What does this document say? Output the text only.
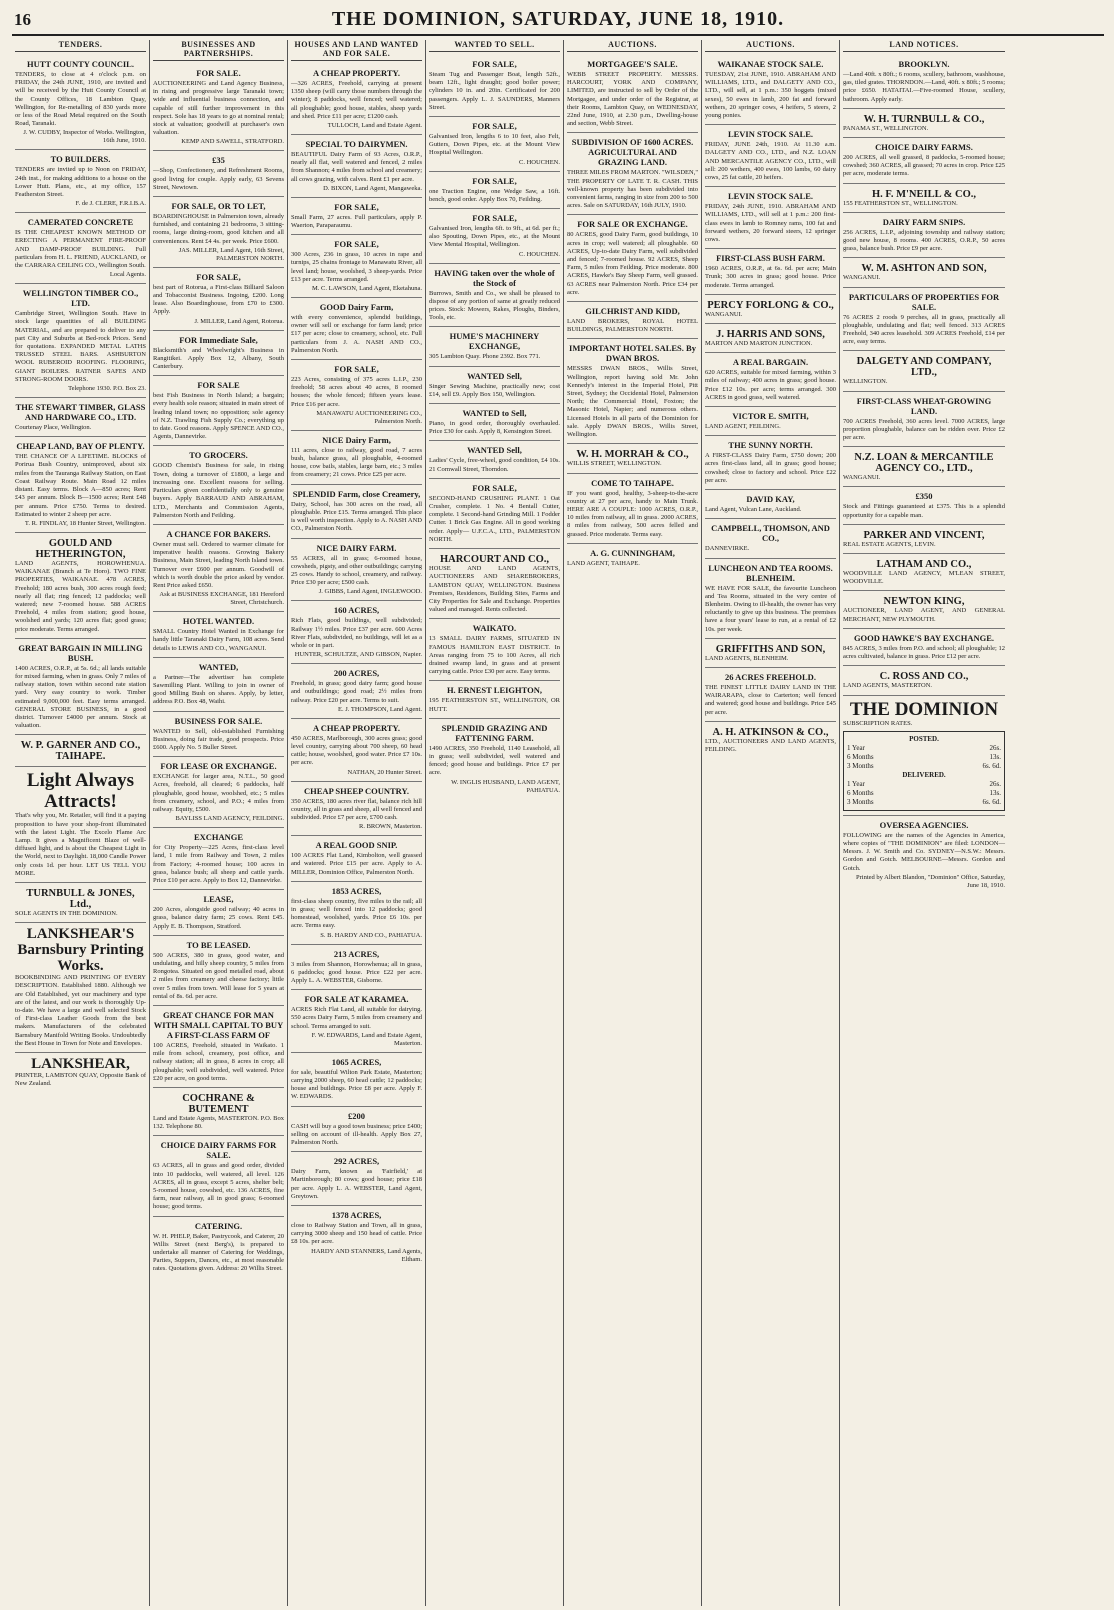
16	THE DOMINION, SATURDAY, JUNE 18, 1910.
TENDERS.
HUTT COUNTY COUNCIL.

TENDERS, to close at 4 o'clock p.m. on FRIDAY, the 24th JUNE, 1910, are invited and will be received by the Hutt County Council at the County Offices, 18 Lambton Quay, Wellington, for Re-metalling of 830 yards more or less of the Road Metal required on the South Road, Taranaki.

J. W. CUDBY, Inspector of Works. Wellington, 16th June, 1910.
TO BUILDERS.

TENDERS are invited up to Noon on FRIDAY, 24th inst., for making additions to a house on the Lower Hutt. Plans, etc., at my office, 157 Featherston Street.

F. de J. CLERE, F.R.I.B.A.
CAMERATED CONCRETE

IS THE CHEAPEST KNOWN METHOD OF ERECTING A PERMANENT FIRE-PROOF AND DAMP-PROOF BUILDING. Full particulars from H. L. FRIEND, AUCKLAND, or the CARRARA CEILING CO., Wellington South.

Local Agents.
WELLINGTON TIMBER CO., LTD.

Cambridge Street, Wellington South. Have in stock large quantities of all BUILDING MATERIAL, and are prepared to deliver to any part City and Suburbs at Bed-rock Prices. Send for quotations. EXPANDED METAL LATHS TRUSSED STEEL BARS. ASHBURTON WOOL RUBEROID ROOFING. FLOORING, GIANT BOILERS. RATNER SAFES AND STRONG-ROOM DOORS.

Telephone 1930. P.O. Box 23.
THE STEWART TIMBER, GLASS AND HARDWARE CO., LTD.

Courtenay Place, Wellington.

CHEAP LAND, BAY OF PLENTY.

THE CHANCE OF A LIFETIME. BLOCKS of Porirua Bush Country, unimproved, about six miles from the Tauranga Railway Station, on East Coast Railway Route. Main Road 12 miles distant. Easy terms. Block A—850 acres; Rent £43 per annum. Block B—1500 acres; Rent £48 per annum. Price £750. Terms to desired. Estimated to winter 2 sheep per acre.

T. R. FINDLAY, 18 Hunter Street, Wellington.
GOULD AND HETHERINGTON,

LAND AGENTS, HOROWHENUA. WAIKANAE (Branch at Te Horo). TWO FINE PROPERTIES, WAIKANAE. 478 ACRES, Freehold; 180 acres bush, 300 acres rough feed; nearly all flat; ring fenced; 12 paddocks; well watered; new 7-roomed house. 588 ACRES Freehold, 4 miles from station; good house, woolshed and yards; 120 acres flat; good grass; price moderate. Terms arranged.

GREAT BARGAIN IN MILLING BUSH.

1400 ACRES, O.R.P., at 5s. 6d.; all lands suitable for mixed farming, when in grass. Only 7 miles of railway station, town within second rate station yard. Very easy country to work. Timber estimated 9,000,000 feet. Easy terms arranged. GENERAL STORE BUSINESS, in a good district. Turnover £4000 per annum. Stock at valuation.

W. P. GARNER AND CO., TAIHAPE.
Light Always Attracts!

That's why you, Mr. Retailer, will find it a paying proposition to have your shop-front illuminated with the latest Light. The Excelo Flame Arc Lamp. It gives a Magnificent Blaze of well-diffused light, and is about the Cheapest Light in the World, next to Daylight. 18,000 Candle Power only costs 1d. per hour. LET US TELL YOU MORE.

TURNBULL & JONES, Ltd.,

SOLE AGENTS IN THE DOMINION.

LANKSHEAR'S Barnsbury Printing Works.

BOOKBINDING AND PRINTING OF EVERY DESCRIPTION. Established 1880. Although we are Old Established, yet our machinery and type are of the latest, and our work is thoroughly Up-to-date. We have a large and well selected Stock of First-class Leather Goods from the best makers. Manufacturers of the celebrated Barnsbury Manifold Writing Books. Undoubtedly the Best House in Town for Note and Envelopes.

LANKSHEAR,

PRINTER, LAMBTON QUAY, Opposite Bank of New Zealand.

BUSINESSES AND PARTNERSHIPS.
FOR SALE.

AUCTIONEERING and Land Agency Business, in rising and progressive large Taranaki town; wide and influential business connection, and capable of still further improvement in this respect. Sole has 18 years to go at nominal rental; stock at valuation; goodwill at purchaser's own valuation.

KEMP AND SAWELL, STRATFORD.
£35

—Shop, Confectionery, and Refreshment Rooms, good living for couple. Apply early, 63 Sevens Street, Newtown.

FOR SALE, OR TO LET,

BOARDINGHOUSE in Palmerston town, already furnished, and containing 21 bedrooms, 3 sitting-rooms, large dining-room, good kitchen and all conveniences. Rent £4 4s. per week. Price £600.

JAS. MILLER, Land Agent, 16th Street, PALMERSTON NORTH.
FOR SALE,

best part of Rotorua, a First-class Billiard Saloon and Tobacconist Business. Ingoing, £200. Long lease. Also Boardinghouse, from £70 to £300. Apply.

J. MILLER, Land Agent, Rotorua.
FOR Immediate Sale,

Blacksmith's and Wheelwright's Business in Rangitikei. Apply Box 12, Albany, South Canterbury.

FOR SALE

best Fish Business in North Island; a bargain; every health sole reason; situated in main street of leading inland town; no opposition; sole agency of N.Z. Trawling Fish Supply Co.; everything up to date. Good reasons. Apply SPENCE AND CO., Agents, Dannevirke.

TO GROCERS.

GOOD Chemist's Business for sale, in rising Town, doing a turnover of £1800, a large and increasing one. Excellent reasons for selling. Particulars given confidentially only to genuine buyers. Apply BARRAUD AND ABRAHAM, LTD., Merchants and Commission Agents, Palmerston North and Feilding.

A CHANCE FOR BAKERS.

Owner must sell. Ordered to warmer climate for imperative health reasons. Growing Bakery Business, Main Street, leading North Island town. Turnover over £600 per annum. Goodwill of which is worth double the price asked by vendor. Rent Price asked £650.

Ask at BUSINESS EXCHANGE, 181 Hereford Street, Christchurch.
HOTEL WANTED.

SMALL Country Hotel Wanted in Exchange for handy little Taranaki Dairy Farm, 108 acres. Send details to LEWIS AND CO., WANGANUI.

WANTED,

a Partner—The advertiser has complete Sawmilling Plant. Willing to join in owner of good Milling Bush on shares. Apply, by letter, address P.O. Box 48, Waihi.

BUSINESS FOR SALE.

WANTED to Sell, old-established Furnishing Business, doing fair trade, good prospects. Price £600. Apply No. 5 Buller Street.

FOR LEASE OR EXCHANGE.

EXCHANGE for larger area, N.T.L., 50 good Acres, freehold, all cleared; 6 paddocks, half ploughable, good house, woolshed, etc.; 5 miles from creamery, school, and P.O.; 4 miles from railway. Equity, £500.

BAYLISS LAND AGENCY, FEILDING.
EXCHANGE

for City Property—225 Acres, first-class level land, 1 mile from Railway and Town, 2 miles from Factory; 4-roomed house; 100 acres in grass, balance bush; all sheep and cattle yards. Price £10 per acre. Apply to Box 12, Dannevirke.

LEASE,

200 Acres, alongside good railway; 40 acres in grass, balance dairy farm; 25 cows. Rent £45. Apply E. B. Thompson, Stratford.

TO BE LEASED.

500 ACRES, 380 in grass, good water, and undulating, and hilly sheep country, 5 miles from Rongotea. Situated on good metalled road, about 2 miles from creamery and cheese factory; little over 5 miles from town. Will lease for 5 years at rental of 8s. 6d. per acre.

GREAT CHANCE FOR MAN WITH SMALL CAPITAL TO BUY A FIRST-CLASS FARM OF

100 ACRES, Freehold, situated in Waikato. 1 mile from school, creamery, post office, and railway station; all in grass, 8 acres in crop; all ploughable; well subdivided, well watered. Price £20 per acre, on good terms.

COCHRANE & BUTEMENT

Land and Estate Agents, MASTERTON. P.O. Box 132. Telephone 80.

CHOICE DAIRY FARMS FOR SALE.

63 ACRES, all in grass and good order, divided into 10 paddocks, well watered, all level. 126 ACRES, all in grass, except 5 acres, shelter belt; 5-roomed house, cowshed, etc. 136 ACRES, fine farm, near railway, all in good grass; 6-roomed house; good terms.

CATERING.

W. H. PHELP, Baker, Pastrycook, and Caterer, 20 Willis Street (next Berg's), is prepared to undertake all manner of Catering for Weddings, Parties, Suppers, Dances, etc., at most reasonable rates. Quotations given. Address: 20 Willis Street.

HOUSES AND LAND WANTED AND FOR SALE.
A CHEAP PROPERTY.

—326 ACRES, Freehold, carrying at present 1350 sheep (will carry those numbers through the winter); 8 paddocks, well fenced; well watered; all ploughable; good house, stables, sheep yards and shed. Price £11 per acre; £1200 cash.

TULLOCH, Land and Estate Agent.
SPECIAL TO DAIRYMEN.

BEAUTIFUL Dairy Farm of 93 Acres, O.R.P., nearly all flat, well watered and fenced, 2 miles from Shannon; 4 miles from school and creamery; all cows grazing, with calves. Rent £1 per acre.

D. BIXON, Land Agent, Mangaweka.
FOR SALE,

Small Farm, 27 acres. Full particulars, apply P. Waerton, Paraparaumu.

FOR SALE,

300 Acres, 236 in grass, 10 acres in rape and turnips, 25 chains frontage to Manawatu River, all level land; house, woolshed, 3 sheep-yards. Price £13 per acre. Terms arranged.

M. C. LAWSON, Land Agent, Eketahuna.
GOOD Dairy Farm,

with every convenience, splendid buildings, owner will sell or exchange for farm land; price £17 per acre; close to creamery, school, etc. Full particulars from J. A. NASH AND CO., Palmerston North.

FOR SALE,

223 Acres, consisting of 375 acres L.I.P., 230 freehold; 58 acres about 40 acres, 8 roomed houses; the whole fenced; fifteen years lease. Price £16 per acre.

MANAWATU AUCTIONEERING CO., Palmerston North.
NICE Dairy Farm,

111 acres, close to railway, good road, 7 acres bush, balance grass, all ploughable, 4-roomed house, cow bails, stables, large barn, etc.; 3 miles from creamery; 21 cows. Price £25 per acre.

SPLENDID Farm, close Creamery,

Dairy, School, has 300 acres on the road, all ploughable. Price £15. Terms arranged. This place is well worth inspection. Apply to A. NASH AND CO., Palmerston North.

NICE DAIRY FARM.

55 ACRES, all in grass; 6-roomed house, cowsheds, pigsty, and other outbuildings; carrying 25 cows. Handy to school, creamery, and railway. Price £30 per acre; £500 cash.

J. GIBBS, Land Agent, INGLEWOOD.
160 ACRES,

Rich Flats, good buildings, well subdivided; Railway 1½ miles. Price £37 per acre. 600 Acres River Flats, subdivided, no buildings, will let as a whole or in part.

HUNTER, SCHULTZE, AND GIBSON, Napier.
200 ACRES,

Freehold, in grass; good dairy farm; good house and outbuildings; good road; 2½ miles from railway. Price £20 per acre. Terms to suit.

E. J. THOMPSON, Land Agent.
A CHEAP PROPERTY.

450 ACRES, Marlborough, 300 acres grass; good level country, carrying about 700 sheep, 60 head cattle; house, woolshed, good water. Price £7 10s. per acre.

NATHAN, 20 Hunter Street.
CHEAP SHEEP COUNTRY.

350 ACRES, 180 acres river flat, balance rich hill country, all in grass and sheep, all well fenced and subdivided. Price £7 per acre, £700 cash.

R. BROWN, Masterton.
A REAL GOOD SNIP.

100 ACRES Flat Land, Kimbolton, well grassed and watered. Price £15 per acre. Apply to A. MILLER, Dominion Office, Palmerston North.

1853 ACRES,

first-class sheep country, five miles to the rail; all in grass; well fenced into 12 paddocks; good homestead, woolshed, yards. Price £6 10s. per acre. Terms easy.

S. B. HARDY AND CO., PAHIATUA.
213 ACRES,

3 miles from Shannon, Horowhenua; all in grass, 6 paddocks; good house. Price £22 per acre. Apply L. A. WEBSTER, Gisborne.

FOR SALE AT KARAMEA.

ACRES Rich Flat Land, all suitable for dairying. 550 acres Dairy Farm, 5 miles from creamery and school. Terms arranged to suit.

F. W. EDWARDS, Land and Estate Agent, Masterton.
1065 ACRES,

for sale, beautiful Wilton Park Estate, Masterton; carrying 2000 sheep, 60 head cattle; 12 paddocks; house and buildings. Price £8 per acre. Apply F. W. EDWARDS.

£200

CASH will buy a good town business; price £400; selling on account of ill-health. Apply Box 27, Palmerston North.

292 ACRES,

Dairy Farm, known as 'Fairfield,' at Martinborough; 80 cows; good house; price £18 per acre. Apply L. A. WEBSTER, Land Agent, Greytown.

1378 ACRES,

close to Railway Station and Town, all in grass, carrying 3000 sheep and 150 head of cattle. Price £8 10s. per acre.

HARDY AND STANNERS, Land Agents, Eltham.
WANTED TO SELL.
FOR SALE,

Steam Tug and Passenger Boat, length 52ft., beam 12ft., light draught; good boiler power; cylinders 10 in. and 20in. Certificated for 200 passengers. Apply L. J. SAUNDERS, Manners Street.

FOR SALE,

Galvanised Iron, lengths 6 to 10 feet, also Felt, Gutters, Down Pipes, etc. at the Mount View Hospital Wellington.

C. HOUCHEN.
FOR SALE,

one Traction Engine, one Wedge Saw, a 16ft. bench, good order. Apply Box 70, Feilding.

FOR SALE,

Galvanised Iron, lengths 6ft. to 9ft., at 6d. per ft.; also Spouting, Down Pipes, etc., at the Mount View Mental Hospital, Wellington.

C. HOUCHEN.
HAVING taken over the whole of the Stock of

Burrows, Smith and Co., we shall be pleased to dispose of any portion of same at greatly reduced prices. Stock: Mowers, Rakes, Ploughs, Binders, Tools, etc.

HUME'S MACHINERY EXCHANGE,

305 Lambton Quay. Phone 2392. Box 771.

WANTED Sell,

Singer Sewing Machine, practically new; cost £14, sell £9. Apply Box 150, Wellington.

WANTED to Sell,

Piano, in good order, thoroughly overhauled. Price £30 for cash. Apply 8, Kensington Street.

WANTED Sell,

Ladies' Cycle, free-wheel, good condition, £4 10s. 21 Cornwall Street, Thorndon.

FOR SALE,

SECOND-HAND CRUSHING PLANT. 1 Oat Crusher, complete. 1 No. 4 Bentall Cutter, complete. 1 Second-hand Grinding Mill. 1 Fodder Cutter. 1 Brick Gas Engine. All in good working order. Apply— U.F.C.A., LTD., PALMERSTON NORTH.

HARCOURT AND CO.,

HOUSE AND LAND AGENTS, AUCTIONEERS AND SHAREBROKERS, LAMBTON QUAY, WELLINGTON. Business Premises, Residences, Building Sites, Farms and City Properties for Sale and Exchange. Properties valued and managed. Rents collected.

WAIKATO.

13 SMALL DAIRY FARMS, SITUATED IN FAMOUS HAMILTON EAST DISTRICT. In Areas ranging from 75 to 100 Acres, all rich drained swamp land, in grass and at present carrying cattle. Price £30 per acre. Easy terms.

H. ERNEST LEIGHTON,

195 FEATHERSTON ST., WELLINGTON, OR HUTT.

SPLENDID GRAZING AND FATTENING FARM.

1490 ACRES, 350 Freehold, 1140 Leasehold, all in grass; well subdivided, well watered and fenced; good house and buildings. Price £7 per acre.

W. INGLIS HUSBAND, LAND AGENT, PAHIATUA.
AUCTIONS.
MORTGAGEE'S SALE.

WEBB STREET PROPERTY. MESSRS. HARCOURT, YORK AND COMPANY, LIMITED, are instructed to sell by Order of the Mortgagee, and under order of the Registrar, at their Rooms, Lambton Quay, on WEDNESDAY, 22nd June, 1910, at 2.30 p.m., Dwelling-house and section, Webb Street.

SUBDIVISION OF 1600 ACRES. AGRICULTURAL AND GRAZING LAND.

THREE MILES FROM MARTON. "WILSDEN," THE PROPERTY OF LATE T. R. CASH. THIS well-known property has been subdivided into convenient farms, ranging in size from 200 to 500 acres. Sale on SATURDAY, 16th JULY, 1910.

FOR SALE OR EXCHANGE.

80 ACRES, good Dairy Farm, good buildings, 10 acres in crop; well watered; all ploughable. 60 ACRES, Up-to-date Dairy Farm, well subdivided and fenced; 7-roomed house. 92 ACRES, Sheep Farm, 5 miles from Feilding. Price moderate. 800 ACRES, Hawke's Bay Sheep Farm, well grassed. 63 ACRES near Palmerston North. Price £34 per acre.

GILCHRIST AND KIDD,

LAND BROKERS, ROYAL HOTEL BUILDINGS, PALMERSTON NORTH.

IMPORTANT HOTEL SALES. By DWAN BROS.

MESSRS DWAN BROS., Willis Street, Wellington, report having sold Mr. John Kennedy's interest in the Imperial Hotel, Pitt Street, Sydney; the Occidental Hotel, Palmerston North; the Commercial Hotel, Foxton; the Masonic Hotel, Napier; and numerous others. Licensed Hotels in all parts of the Dominion for sale. Apply DWAN BROS., Willis Street, Wellington.

W. H. MORRAH & CO.,

WILLIS STREET, WELLINGTON.

COME TO TAIHAPE.

IF you want good, healthy, 3-sheep-to-the-acre country at 27 per acre, handy to Main Trunk. HERE ARE A COUPLE: 1000 ACRES, O.R.P., 10 miles from railway, all in grass. 2000 ACRES, 8 miles from railway, 500 acres felled and grassed. Price moderate. Terms easy.

A. G. CUNNINGHAM,

LAND AGENT, TAIHAPE.

AUCTIONS.
WAIKANAE STOCK SALE.

TUESDAY, 21st JUNE, 1910. ABRAHAM AND WILLIAMS, LTD., and DALGETY AND CO., LTD., will sell, at 1 p.m.: 350 hoggets (mixed sexes), 50 ewes in lamb, 200 fat and forward wethers, 20 springer cows, 4 heifers, 5 steers, 2 young ponies.

LEVIN STOCK SALE.

FRIDAY, JUNE 24th, 1910. At 11.30 a.m. DALGETY AND CO., LTD., and N.Z. LOAN AND MERCANTILE AGENCY CO., LTD., will sell: 200 wethers, 400 ewes, 100 lambs, 60 dairy cows, 25 fat cattle, 20 heifers.

LEVIN STOCK SALE.

FRIDAY, 24th JUNE, 1910. ABRAHAM AND WILLIAMS, LTD., will sell at 1 p.m.: 200 first-class ewes in lamb to Romney rams, 100 fat and forward wethers, 20 forward steers, 12 springer cows.

FIRST-CLASS BUSH FARM.

1960 ACRES, O.R.P., at 6s. 6d. per acre; Main Trunk; 300 acres in grass; good house. Price moderate. Terms arranged.

PERCY FORLONG & CO.,

WANGANUI.

J. HARRIS AND SONS,

MARTON AND MARTON JUNCTION.

A REAL BARGAIN.

620 ACRES, suitable for mixed farming, within 3 miles of railway; 400 acres in grass; good house. Price £12 10s. per acre; terms arranged. 300 ACRES in good grass, well watered.

VICTOR E. SMITH,

LAND AGENT, FEILDING.

THE SUNNY NORTH.

A FIRST-CLASS Dairy Farm, £750 down; 200 acres first-class land, all in grass; good house; cowshed; close to factory and school. Price £22 per acre.

DAVID KAY,

Land Agent, Vulcan Lane, Auckland.

CAMPBELL, THOMSON, AND CO.,

DANNEVIRKE.

LUNCHEON AND TEA ROOMS. BLENHEIM.

WE HAVE FOR SALE, the favourite Luncheon and Tea Rooms, situated in the very centre of Blenheim. Owing to ill-health, the owner has very reluctantly to give up this business. The premises have a four years' lease to run, at a rental of £2 10s. per week.

GRIFFITHS AND SON,

LAND AGENTS, BLENHEIM.

26 ACRES FREEHOLD.

THE FINEST LITTLE DAIRY LAND IN THE WAIRARAPA, close to Carterton; well fenced and watered; good house and buildings. Price £45 per acre.

A. H. ATKINSON & CO.,

LTD., AUCTIONEERS AND LAND AGENTS, FEILDING.

LAND NOTICES.
BROOKLYN.

—Land 40ft. x 80ft.; 6 rooms, scullery, bathroom, washhouse, gas, tiled grates. THORNDON.—Land, 40ft. x 80ft.; 5 rooms; price £650. HATAITAI.—Five-roomed House, scullery, bathroom. Apply early.

W. H. TURNBULL & CO.,

PANAMA ST., WELLINGTON.

CHOICE DAIRY FARMS.

200 ACRES, all well grassed, 8 paddocks, 5-roomed house; cowshed; 360 ACRES, all grassed; 70 acres in crop. Price £25 per acre, moderate terms.

H. F. M'NEILL & CO.,

155 FEATHERSTON ST., WELLINGTON.

DAIRY FARM SNIPS.

256 ACRES, L.I.P., adjoining township and railway station; good new house, 8 rooms. 400 ACRES, O.R.P., 50 acres grass, balance bush. Price £9 per acre.

W. M. ASHTON AND SON,

WANGANUI.

PARTICULARS OF PROPERTIES FOR SALE.

76 ACRES 2 roods 9 perches, all in grass, practically all ploughable, undulating and flat; well fenced. 313 ACRES Freehold, 340 acres leasehold. 309 ACRES Freehold, £14 per acre, easy terms.

DALGETY AND COMPANY, LTD.,

WELLINGTON.

FIRST-CLASS WHEAT-GROWING LAND.

700 ACRES Freehold, 360 acres level. 7000 ACRES, large proportion ploughable, balance can be ridden over. Price £2 per acre.

N.Z. LOAN & MERCANTILE AGENCY CO., LTD.,

WANGANUI.

£350

Stock and Fittings guaranteed at £375. This is a splendid opportunity for a capable man.

PARKER AND VINCENT,

REAL ESTATE AGENTS, LEVIN.

LATHAM AND CO.,

WOODVILLE LAND AGENCY, M'LEAN STREET, WOODVILLE.

NEWTON KING,

AUCTIONEER, LAND AGENT, AND GENERAL MERCHANT, NEW PLYMOUTH.

GOOD HAWKE'S BAY EXCHANGE.

845 ACRES, 3 miles from P.O. and school; all ploughable; 12 acres cultivated, balance in grass. Price £12 per acre.

C. ROSS AND CO.,

LAND AGENTS, MASTERTON.

THE DOMINION

SUBSCRIPTION RATES.

POSTED.
1 Year	26s.
6 Months	13s.
3 Months	6s. 6d.
DELIVERED.
1 Year	26s.
6 Months	13s.
3 Months	6s. 6d.
OVERSEA AGENCIES.

FOLLOWING are the names of the Agencies in America, where copies of "THE DOMINION" are filed: LONDON—Messrs. J. W. Smith and Co. SYDNEY—N.S.W.: Messrs. Gordon and Gotch. MELBOURNE—Messrs. Gordon and Gotch.

Printed by Albert Blandon, "Dominion" Office, Saturday, June 18, 1910.
